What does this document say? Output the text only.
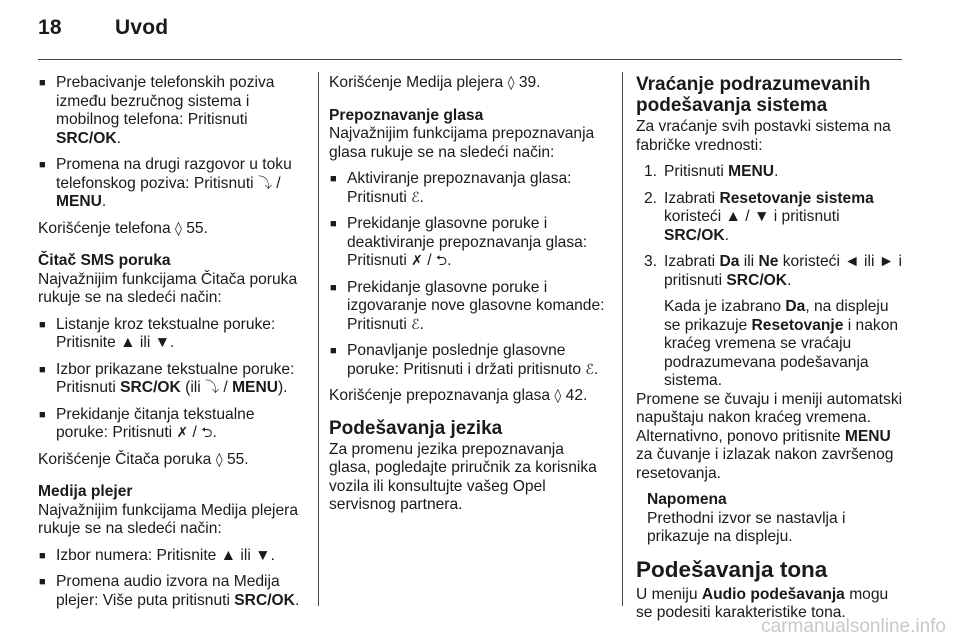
18	Uvod
■ Prebacivanje telefonskih poziva između bezručnog sistema i mobilnog telefona: Pritisnuti SRC/OK.
■ Promena na drugi razgovor u toku telefonskog poziva: Pritisnuti ⤵ / MENU.

Korišćenje telefona ◊ 55.

Čitač SMS poruka

Najvažnijim funkcijama Čitača poruka rukuje se na sledeći način:

■ Listanje kroz tekstualne poruke: Pritisnite ▲ ili ▼.
■ Izbor prikazane tekstualne poruke: Pritisnuti SRC/OK (ili ⤵ / MENU).
■ Prekidanje čitanja tekstualne poruke: Pritisnuti ✗ / ⮌.

Korišćenje Čitača poruka ◊ 55.

Medija plejer

Najvažnijim funkcijama Medija plejera rukuje se na sledeći način:

■ Izbor numera: Pritisnite ▲ ili ▼.
■ Promena audio izvora na Medija plejer: Više puta pritisnuti SRC/OK.

Korišćenje Medija plejera ◊ 39.

Prepoznavanje glasa

Najvažnijim funkcijama prepoznavanja glasa rukuje se na sledeći način:

■ Aktiviranje prepoznavanja glasa: Pritisnuti ℰ.
■ Prekidanje glasovne poruke i deaktiviranje prepoznavanja glasa: Pritisnuti ✗ / ⮌.
■ Prekidanje glasovne poruke i izgovaranje nove glasovne komande: Pritisnuti ℰ.
■ Ponavljanje poslednje glasovne poruke: Pritisnuti i držati pritisnuto ℰ.

Korišćenje prepoznavanja glasa ◊ 42.

Podešavanja jezika

Za promenu jezika prepoznavanja glasa, pogledajte priručnik za korisnika vozila ili konsultujte vašeg Opel servisnog partnera.

Vraćanje podrazumevanih podešavanja sistema

Za vraćanje svih postavki sistema na fabričke vrednosti:

1. Pritisnuti MENU.
2. Izabrati Resetovanje sistema koristeći ▲ / ▼ i pritisnuti SRC/OK.
3. Izabrati Da ili Ne koristeći ◄ ili ► i pritisnuti SRC/OK.

Kada je izabrano Da, na displeju se prikazuje Resetovanje i nakon kraćeg vremena se vraćaju podrazumevana podešavanja sistema.

Promene se čuvaju i meniji automatski napuštaju nakon kraćeg vremena. Alternativno, ponovo pritisnite MENU za čuvanje i izlazak nakon završenog resetovanja.

Napomena

Prethodni izvor se nastavlja i prikazuje na displeju.

Podešavanja tona

U meniju Audio podešavanja mogu se podesiti karakteristike tona.

carmanualsonline.info
